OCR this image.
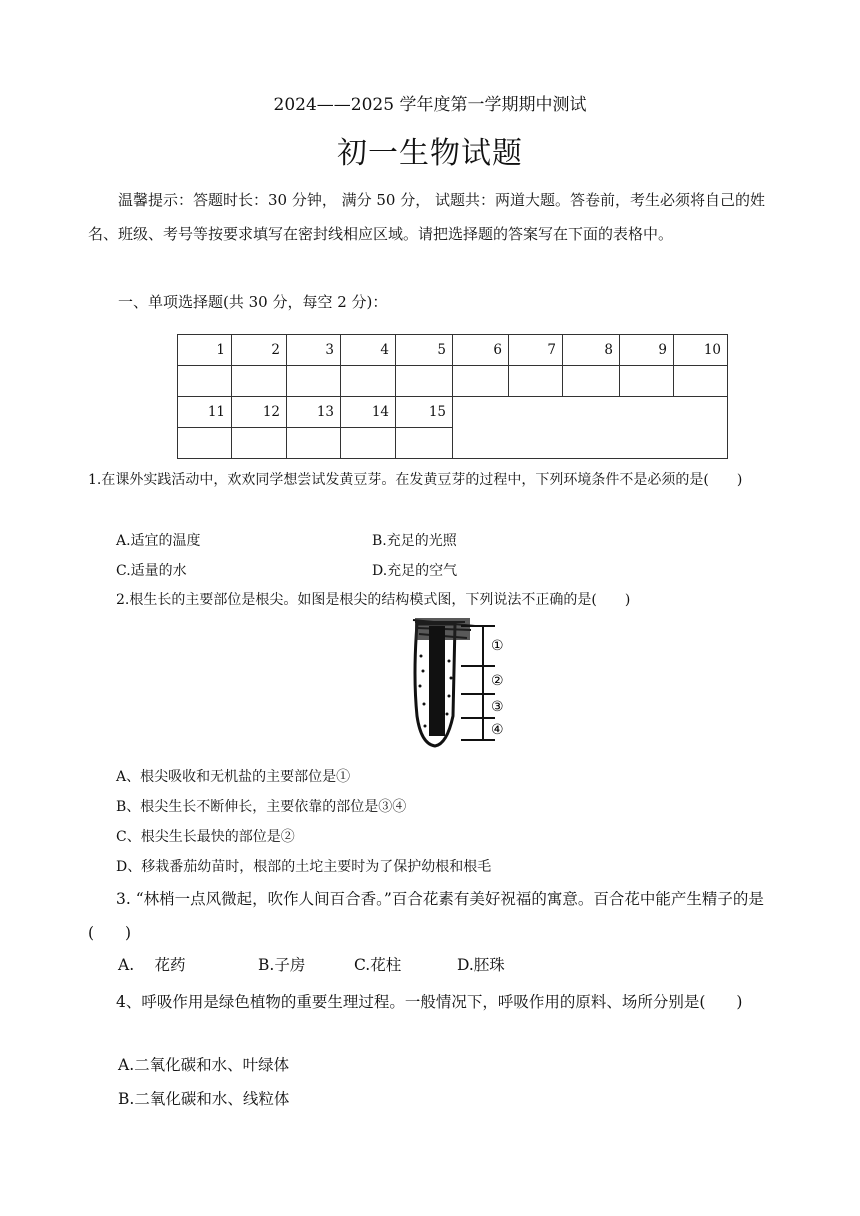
2024——2025 学年度第一学期期中测试
初一生物试题
温馨提示：答题时长：30 分钟， 满分 50 分， 试题共：两道大题。答卷前，考生必须将自己的姓名、班级、考号等按要求填写在密封线相应区域。请把选择题的答案写在下面的表格中。
一、单项选择题(共 30 分，每空 2 分)：
1	2	3	4	5	6	7	8	9	10

11	12	13	14	15					

1.在课外实践活动中，欢欢同学想尝试发黄豆芽。在发黄豆芽的过程中，下列环境条件不是必须的是(　　)
A.适宜的温度	B.充足的光照
C.适量的水	D.充足的空气
2.根生长的主要部位是根尖。如图是根尖的结构模式图，下列说法不正确的是(　　)
①
②
③
④
A、根尖吸收和无机盐的主要部位是①
B、根尖生长不断伸长，主要依靠的部位是③④
C、根尖生长最快的部位是②
D、移栽番茄幼苗时，根部的土坨主要时为了保护幼根和根毛
3. “林梢一点风微起，吹作人间百合香。”百合花素有美好祝福的寓意。百合花中能产生精子的是(　　)
A.　 花药	B.子房	C.花柱	D.胚珠
4、呼吸作用是绿色植物的重要生理过程。一般情况下，呼吸作用的原料、场所分别是(　　)
A.二氧化碳和水、叶绿体
B.二氧化碳和水、线粒体
